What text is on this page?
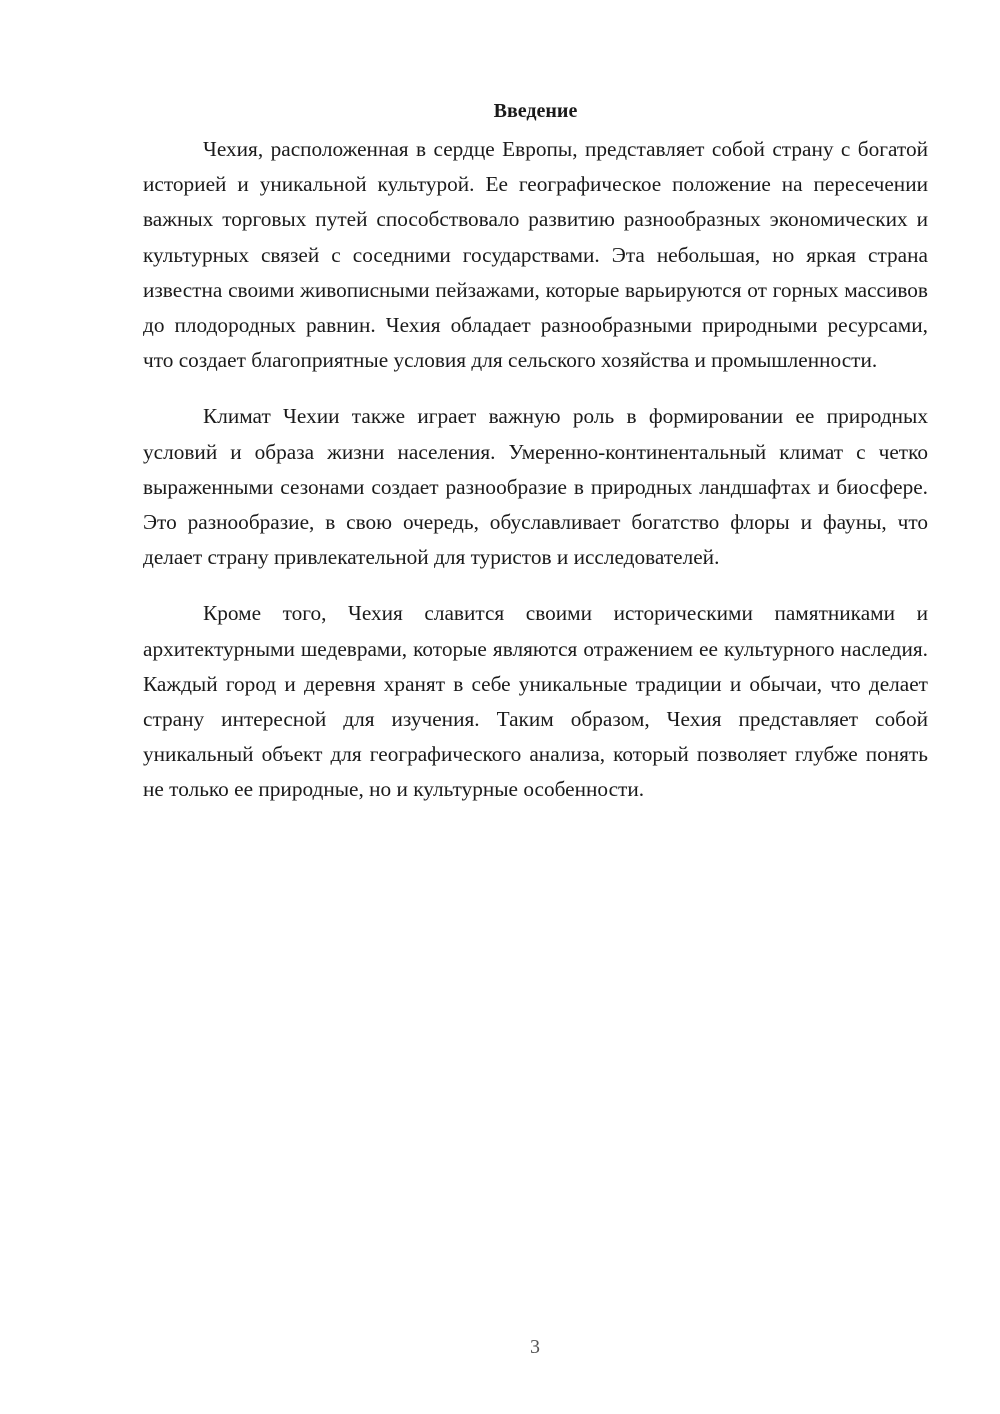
Введение

Чехия, расположенная в сердце Европы, представляет собой страну с богатой историей и уникальной культурой. Ее географическое положение на пересечении важных торговых путей способствовало развитию разнообразных экономических и культурных связей с соседними государствами. Эта небольшая, но яркая страна известна своими живописными пейзажами, которые варьируются от горных массивов до плодородных равнин. Чехия обладает разнообразными природными ресурсами, что создает благоприятные условия для сельского хозяйства и промышленности.

Климат Чехии также играет важную роль в формировании ее природных условий и образа жизни населения. Умеренно-континентальный климат с четко выраженными сезонами создает разнообразие в природных ландшафтах и биосфере. Это разнообразие, в свою очередь, обуславливает богатство флоры и фауны, что делает страну привлекательной для туристов и исследователей.

Кроме того, Чехия славится своими историческими памятниками и архитектурными шедеврами, которые являются отражением ее культурного наследия. Каждый город и деревня хранят в себе уникальные традиции и обычаи, что делает страну интересной для изучения. Таким образом, Чехия представляет собой уникальный объект для географического анализа, который позволяет глубже понять не только ее природные, но и культурные особенности.

3
